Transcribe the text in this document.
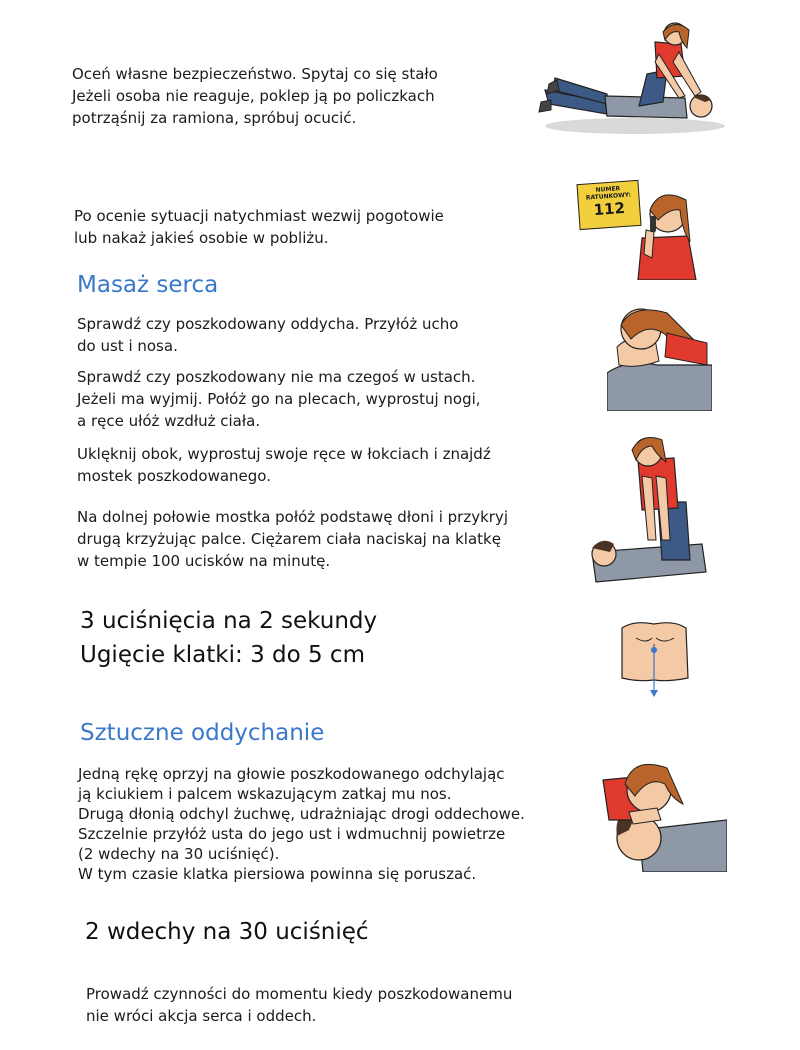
Oceń własne bezpieczeństwo. Spytaj co się stało
Jeżeli osoba nie reaguje, poklep ją po policzkach
potrząśnij za ramiona, spróbuj ocucić.
Po ocenie sytuacji natychmiast wezwij pogotowie
lub nakaż jakieś osobie w pobliżu.
NUMER
RATUNKOWY:
112
Masaż serca
Sprawdź czy poszkodowany oddycha. Przyłóż ucho
do ust i nosa.
Sprawdź czy poszkodowany nie ma czegoś w ustach.
Jeżeli ma wyjmij. Połóż go na plecach, wyprostuj nogi,
a ręce ułóż wzdłuż ciała.
Uklęknij obok, wyprostuj swoje ręce w łokciach i znajdź
mostek poszkodowanego.
Na dolnej połowie mostka połóż podstawę dłoni i przykryj
drugą krzyżując palce. Ciężarem ciała naciskaj na klatkę
w tempie 100 ucisków na minutę.
3 uciśnięcia na 2 sekundy
Ugięcie klatki: 3 do 5 cm
Sztuczne oddychanie
Jedną rękę oprzyj na głowie poszkodowanego odchylając
ją kciukiem i palcem wskazującym zatkaj mu nos.
Drugą dłonią odchyl żuchwę, udrażniając drogi oddechowe.
Szczelnie przyłóż usta do jego ust i wdmuchnij powietrze
(2 wdechy na 30 uciśnięć).
W tym czasie klatka piersiowa powinna się poruszać.
2 wdechy na 30 uciśnięć
Prowadź czynności do momentu kiedy poszkodowanemu
nie wróci akcja serca i oddech.
